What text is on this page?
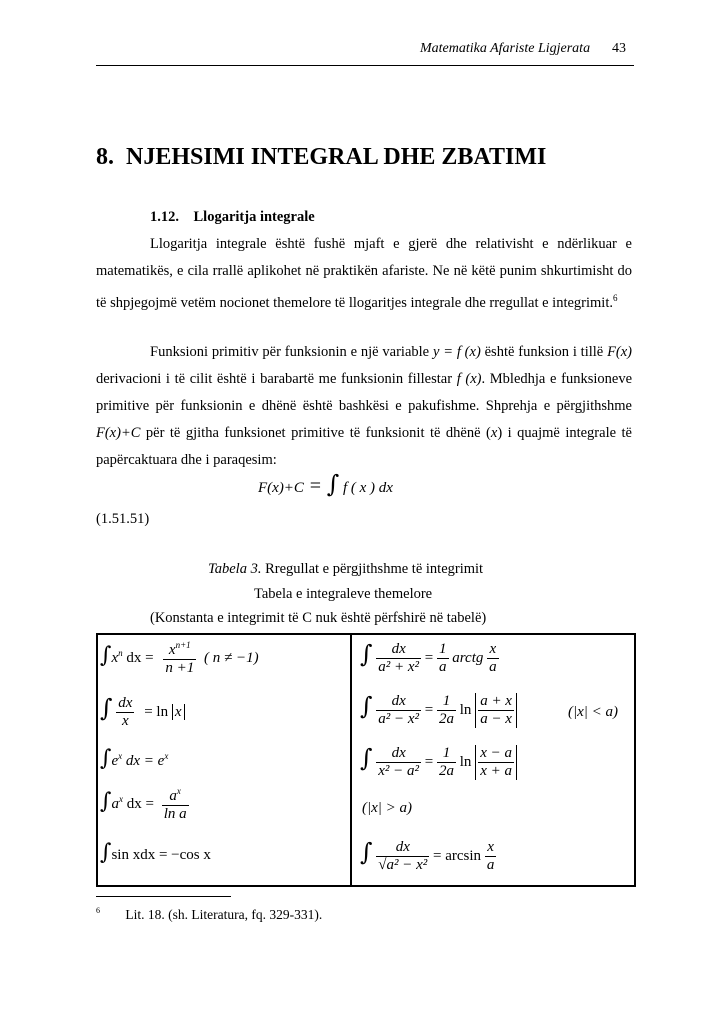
Matematika Afariste Ligjerata 43
8.  NJEHSIMI INTEGRAL DHE ZBATIMI
1.12. Llogaritja integrale

Llogaritja integrale është fushë mjaft e gjerë dhe relativisht e ndërlikuar e matematikës, e cila rrallë aplikohet në praktikën afariste. Ne në këtë punim shkurtimisht do të shpjegojmë vetëm nocionet themelore të llogaritjes integrale dhe rregullat e integrimit.$^6$

Funksioni primitiv për funksionin e një variable y = f (x) është funksion i tillë F(x) derivacioni i të cilit është i barabartë me funksionin fillestar f (x). Mbledhja e funksioneve primitive për funksionin e dhënë është bashkësi e pakufishme. Shprehja e përgjithshme F(x)+C për të gjitha funksionet primitive të funksionit të dhënë (x) i quajmë integrale të papërcaktuara dhe i paraqesim:

F(x)+C = ∫ f ( x ) dx
(1.51.51)
Tabela 3. Rregullat e përgjithshme të integrimit
Tabela e integraleve themelore
(Konstanta e integrimit të C nuk është përfshirë në tabelë)
$\int x^n$ dx = $\frac{x^{n+1}}{n +1}$ ( n ≠ −1)
∫ $\frac{dx}{x} = \ln x$
$\int e^x$ dx = $e^x$
$\int a^x$ dx = $\frac{a^x}{\text{ln a}}$
∫sin xdx = −cos x
∫ $\frac{dx}{\text{a² + x²}} = \frac{1}{a}$ arctg $\frac{x}{a}$
∫ $\frac{dx}{\text{a² − x²}} = \frac{1}{2a}$ $\ln \frac{a + x}{a - x}$	(|x| < a)
∫ $\frac{dx}{\text{x² − a²}} = \frac{1}{2a}$ $\ln \frac{x - a}{x + a}$
(|x| > a)
∫ $\frac{dx}{\text{√a² − x²}} = \arcsin \frac{x}{a}$
$^6$ Lit. 18. (sh. Literatura, fq. 329-331).
